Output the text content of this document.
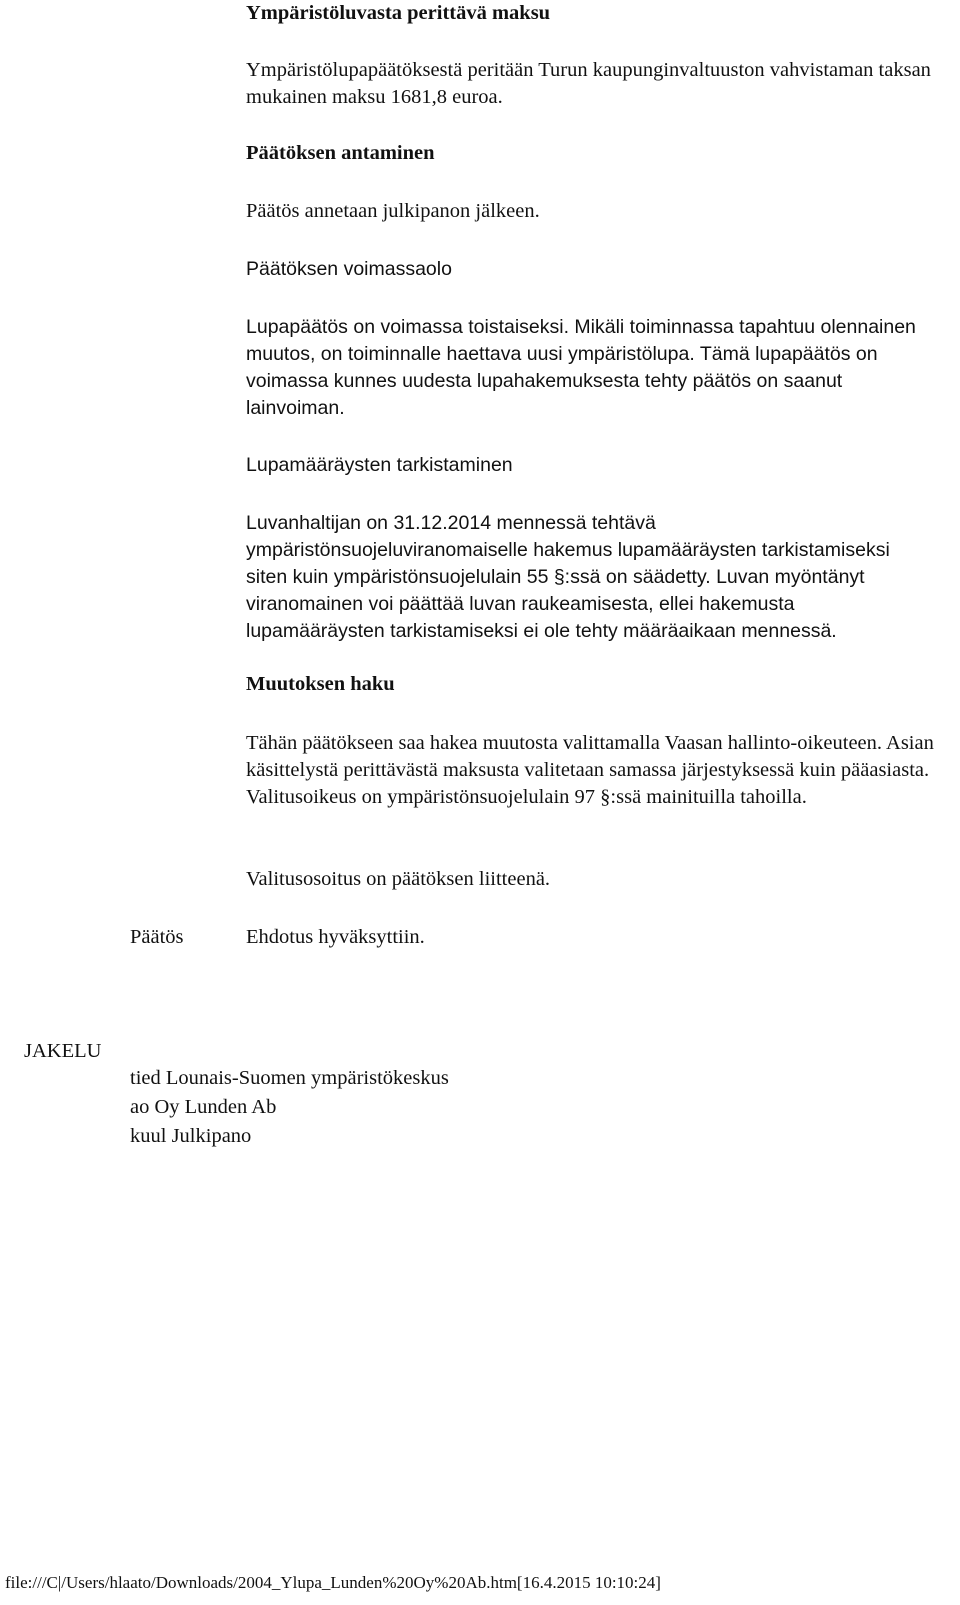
Ympäristöluvasta perittävä maksu

Ympäristölupapäätöksestä peritään Turun kaupunginvaltuuston vahvistaman taksan mukainen maksu 1681,8 euroa.

Päätöksen antaminen

Päätös annetaan julkipanon jälkeen.

Päätöksen voimassaolo

Lupapäätös on voimassa toistaiseksi. Mikäli toiminnassa tapahtuu olennainen muutos, on toiminnalle haettava uusi ympäristölupa. Tämä lupapäätös on voimassa kunnes uudesta lupahakemuksesta tehty päätös on saanut lainvoiman.

Lupamääräysten tarkistaminen

Luvanhaltijan on 31.12.2014 mennessä tehtävä ympäristönsuojeluviranomaiselle hakemus lupamääräysten tarkistamiseksi siten kuin ympäristönsuojelulain 55 §:ssä on säädetty. Luvan myöntänyt viranomainen voi päättää luvan raukeamisesta, ellei hakemusta lupamääräysten tarkistamiseksi ei ole tehty määräaikaan mennessä.

Muutoksen haku

Tähän päätökseen saa hakea muutosta valittamalla Vaasan hallinto-oikeuteen. Asian käsittelystä perittävästä maksusta valitetaan samassa järjestyksessä kuin pääasiasta. Valitusoikeus on ympäristönsuojelulain 97 §:ssä mainituilla tahoilla.

Valitusosoitus on päätöksen liitteenä.

Päätös	Ehdotus hyväksyttiin.
JAKELU
tied Lounais-Suomen ympäristökeskus
ao Oy Lunden Ab
kuul Julkipano
file:///C|/Users/hlaato/Downloads/2004_Ylupa_Lunden%20Oy%20Ab.htm[16.4.2015 10:10:24]
